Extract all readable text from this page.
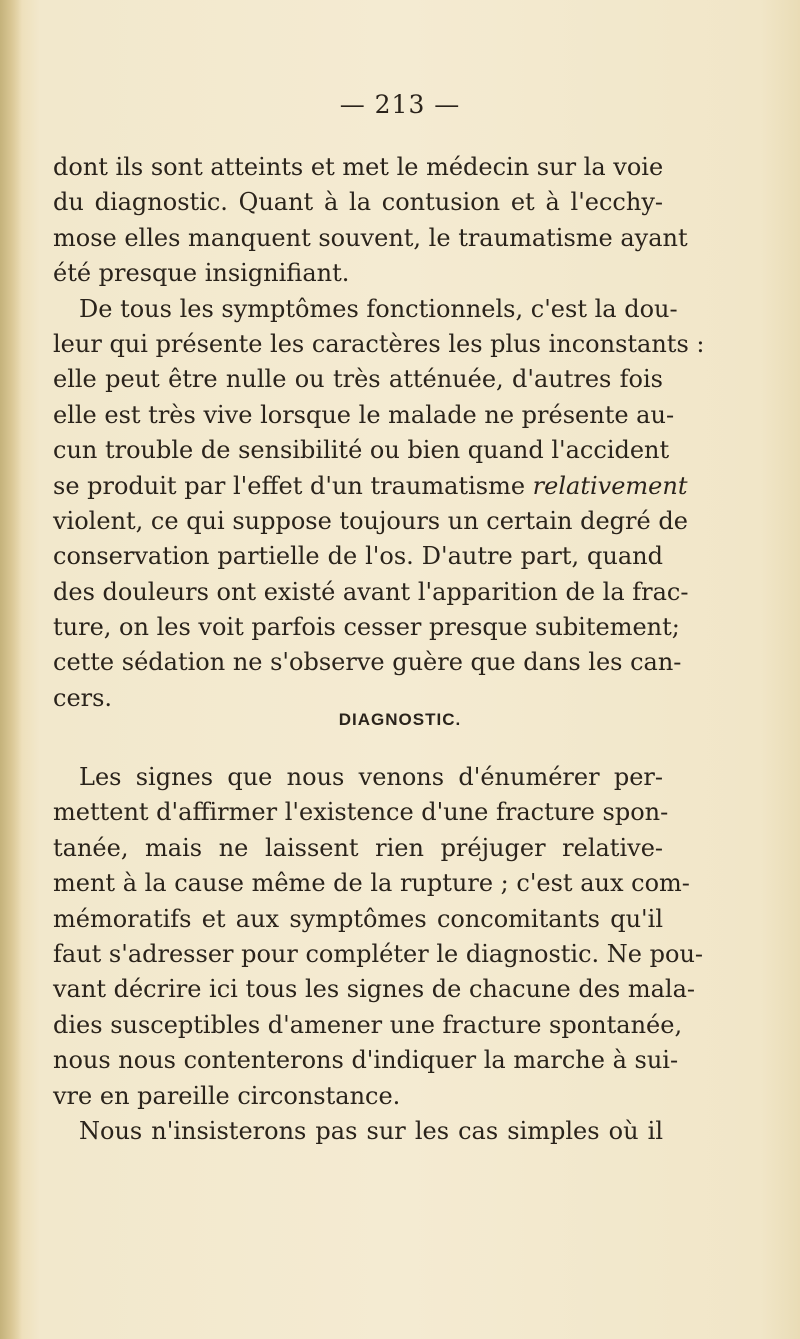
— 213 —
dont ils sont atteints et met le médecin sur la voie
du diagnostic. Quant à la contusion et à l'ecchy-
mose elles manquent souvent, le traumatisme ayant
été presque insignifiant.
De tous les symptômes fonctionnels, c'est la dou-
leur qui présente les caractères les plus inconstants :
elle peut être nulle ou très atténuée, d'autres fois
elle est très vive lorsque le malade ne présente au-
cun trouble de sensibilité ou bien quand l'accident
se produit par l'effet d'un traumatisme relativement
violent, ce qui suppose toujours un certain degré de
conservation partielle de l'os. D'autre part, quand
des douleurs ont existé avant l'apparition de la frac-
ture, on les voit parfois cesser presque subitement;
cette sédation ne s'observe guère que dans les can-
cers.
DIAGNOSTIC.
Les signes que nous venons d'énumérer per-
mettent d'affirmer l'existence d'une fracture spon-
tanée, mais ne laissent rien préjuger relative-
ment à la cause même de la rupture ; c'est aux com-
mémoratifs et aux symptômes concomitants qu'il
faut s'adresser pour compléter le diagnostic. Ne pou-
vant décrire ici tous les signes de chacune des mala-
dies susceptibles d'amener une fracture spontanée,
nous nous contenterons d'indiquer la marche à sui-
vre en pareille circonstance.
Nous n'insisterons pas sur les cas simples où il
